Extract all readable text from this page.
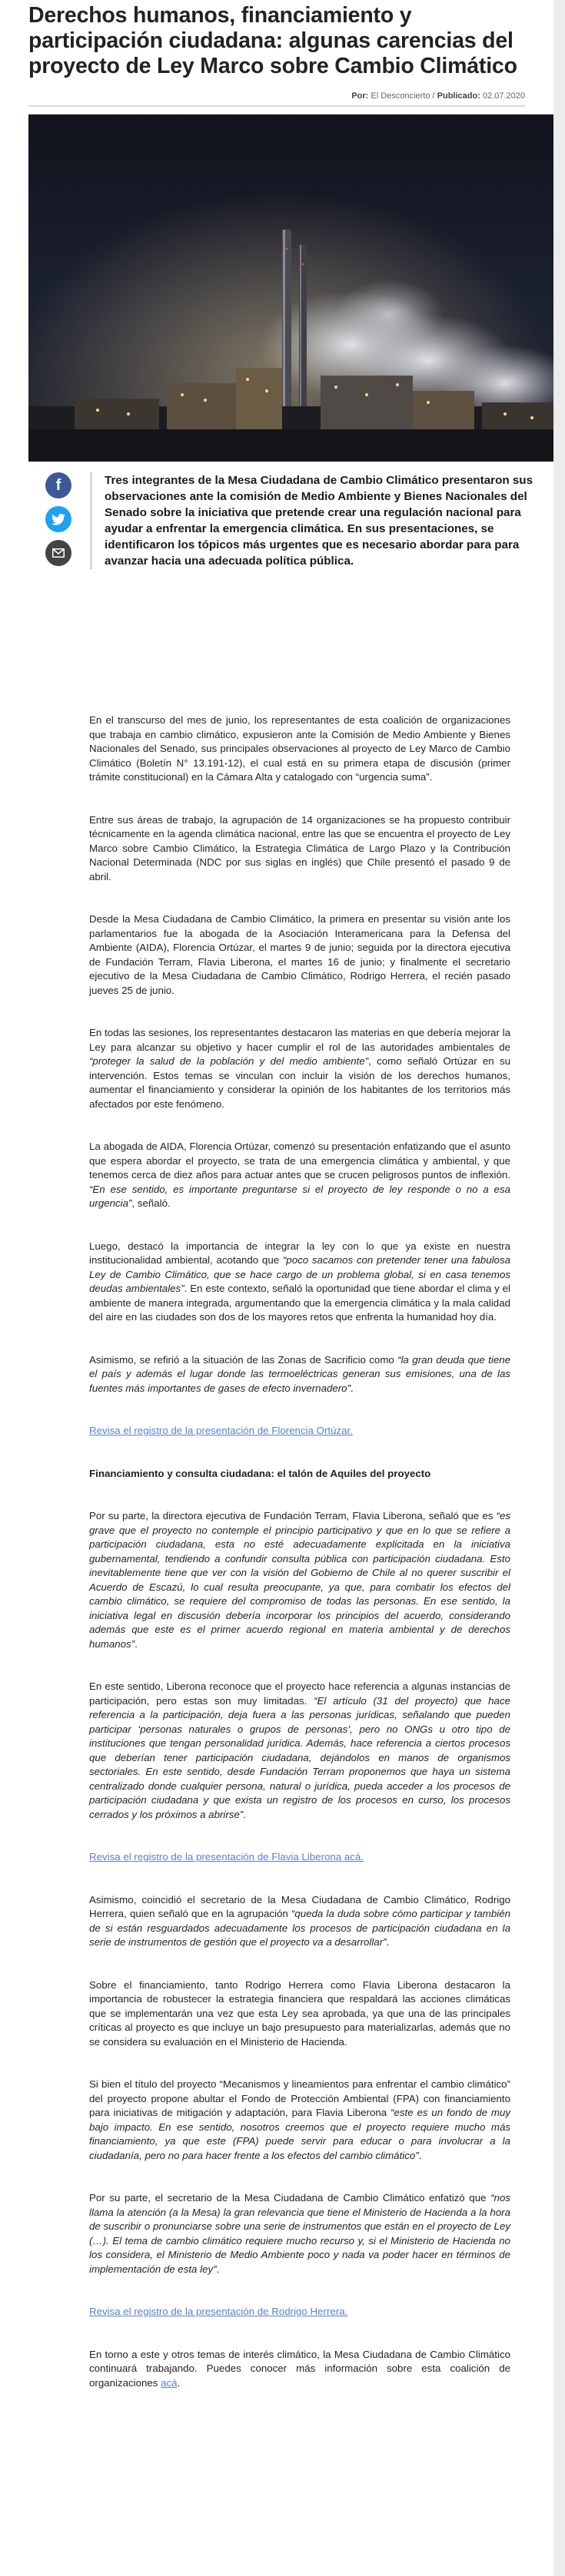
Derechos humanos, financiamiento y participación ciudadana: algunas carencias del proyecto de Ley Marco sobre Cambio Climático
Por: El Desconcierto / Publicado: 02.07.2020
f	Tres integrantes de la Mesa Ciudadana de Cambio Climático presentaron sus observaciones ante la comisión de Medio Ambiente y Bienes Nacionales del Senado sobre la iniciativa que pretende crear una regulación nacional para ayudar a enfrentar la emergencia climática. En sus presentaciones, se identificaron los tópicos más urgentes que es necesario abordar para para avanzar hacia una adecuada política pública.

En el transcurso del mes de junio, los representantes de esta coalición de organizaciones que trabaja en cambio climático, expusieron ante la Comisión de Medio Ambiente y Bienes Nacionales del Senado, sus principales observaciones al proyecto de Ley Marco de Cambio Climático (Boletín N° 13.191-12), el cual está en su primera etapa de discusión (primer trámite constitucional) en la Cámara Alta y catalogado con “urgencia suma”.

Entre sus áreas de trabajo, la agrupación de 14 organizaciones se ha propuesto contribuir técnicamente en la agenda climática nacional, entre las que se encuentra el proyecto de Ley Marco sobre Cambio Climático, la Estrategia Climática de Largo Plazo y la Contribución Nacional Determinada (NDC por sus siglas en inglés) que Chile presentó el pasado 9 de abril.

Desde la Mesa Ciudadana de Cambio Climático, la primera en presentar su visión ante los parlamentarios fue la abogada de la Asociación Interamericana para la Defensa del Ambiente (AIDA), Florencia Ortúzar, el martes 9 de junio; seguida por la directora ejecutiva de Fundación Terram, Flavia Liberona, el martes 16 de junio; y finalmente el secretario ejecutivo de la Mesa Ciudadana de Cambio Climático, Rodrigo Herrera, el recién pasado jueves 25 de junio.

En todas las sesiones, los representantes destacaron las materias en que debería mejorar la Ley para alcanzar su objetivo y hacer cumplir el rol de las autoridades ambientales de “proteger la salud de la población y del medio ambiente”, como señaló Ortúzar en su intervención. Estos temas se vinculan con incluir la visión de los derechos humanos, aumentar el financiamiento y considerar la opinión de los habitantes de los territorios más afectados por este fenómeno.

La abogada de AIDA, Florencia Ortúzar, comenzó su presentación enfatizando que el asunto que espera abordar el proyecto, se trata de una emergencia climática y ambiental, y que tenemos cerca de diez años para actuar antes que se crucen peligrosos puntos de inflexión. “En ese sentido, es importante preguntarse si el proyecto de ley responde o no a esa urgencia”, señaló.

Luego, destacó la importancia de integrar la ley con lo que ya existe en nuestra institucionalidad ambiental, acotando que “poco sacamos con pretender tener una fabulosa Ley de Cambio Climático, que se hace cargo de un problema global, si en casa tenemos deudas ambientales”. En este contexto, señaló la oportunidad que tiene abordar el clima y el ambiente de manera integrada, argumentando que la emergencia climática y la mala calidad del aire en las ciudades son dos de los mayores retos que enfrenta la humanidad hoy día.

Asimismo, se refirió a la situación de las Zonas de Sacrificio como “la gran deuda que tiene el país y además el lugar donde las termoeléctricas generan sus emisiones, una de las fuentes más importantes de gases de efecto invernadero”.

Revisa el registro de la presentación de Florencia Ortúzar.

Financiamiento y consulta ciudadana: el talón de Aquiles del proyecto

Por su parte, la directora ejecutiva de Fundación Terram, Flavia Liberona, señaló que es “es grave que el proyecto no contemple el principio participativo y que en lo que se refiere a participación ciudadana, esta no esté adecuadamente explicitada en la iniciativa gubernamental, tendiendo a confundir consulta pública con participación ciudadana. Esto inevitablemente tiene que ver con la visión del Gobierno de Chile al no querer suscribir el Acuerdo de Escazú, lo cual resulta preocupante, ya que, para combatir los efectos del cambio climático, se requiere del compromiso de todas las personas. En ese sentido, la iniciativa legal en discusión debería incorporar los principios del acuerdo, considerando además que este es el primer acuerdo regional en materia ambiental y de derechos humanos”.

En este sentido, Liberona reconoce que el proyecto hace referencia a algunas instancias de participación, pero estas son muy limitadas. “El artículo (31 del proyecto) que hace referencia a la participación, deja fuera a las personas jurídicas, señalando que pueden participar ‘personas naturales o grupos de personas’, pero no ONGs u otro tipo de instituciones que tengan personalidad jurídica. Además, hace referencia a ciertos procesos que deberían tener participación ciudadana, dejándolos en manos de organismos sectoriales. En este sentido, desde Fundación Terram proponemos que haya un sistema centralizado donde cualquier persona, natural o jurídica, pueda acceder a los procesos de participación ciudadana y que exista un registro de los procesos en curso, los procesos cerrados y los próximos a abrirse”.

Revisa el registro de la presentación de Flavia Liberona acá.

Asimismo, coincidió el secretario de la Mesa Ciudadana de Cambio Climático, Rodrigo Herrera, quien señaló que en la agrupación “queda la duda sobre cómo participar y también de si están resguardados adecuadamente los procesos de participación ciudadana en la serie de instrumentos de gestión que el proyecto va a desarrollar”.

Sobre el financiamiento, tanto Rodrigo Herrera como Flavia Liberona destacaron la importancia de robustecer la estrategia financiera que respaldará las acciones climáticas que se implementarán una vez que esta Ley sea aprobada, ya que una de las principales críticas al proyecto es que incluye un bajo presupuesto para materializarlas, además que no se considera su evaluación en el Ministerio de Hacienda.

Si bien el título del proyecto “Mecanismos y lineamientos para enfrentar el cambio climático” del proyecto propone abultar el Fondo de Protección Ambiental (FPA) con financiamiento para iniciativas de mitigación y adaptación, para Flavia Liberona “este es un fondo de muy bajo impacto. En ese sentido, nosotros creemos que el proyecto requiere mucho más financiamiento, ya que este (FPA) puede servir para educar o para involucrar a la ciudadanía, pero no para hacer frente a los efectos del cambio climático”.

Por su parte, el secretario de la Mesa Ciudadana de Cambio Climático enfatizó que “nos llama la atención (a la Mesa) la gran relevancia que tiene el Ministerio de Hacienda a la hora de suscribir o pronunciarse sobre una serie de instrumentos que están en el proyecto de Ley (…). El tema de cambio climático requiere mucho recurso y, si el Ministerio de Hacienda no los considera, el Ministerio de Medio Ambiente poco y nada va poder hacer en términos de implementación de esta ley”.

Revisa el registro de la presentación de Rodrigo Herrera.

En torno a este y otros temas de interés climático, la Mesa Ciudadana de Cambio Climático continuará trabajando. Puedes conocer más información sobre esta coalición de organizaciones acá.
